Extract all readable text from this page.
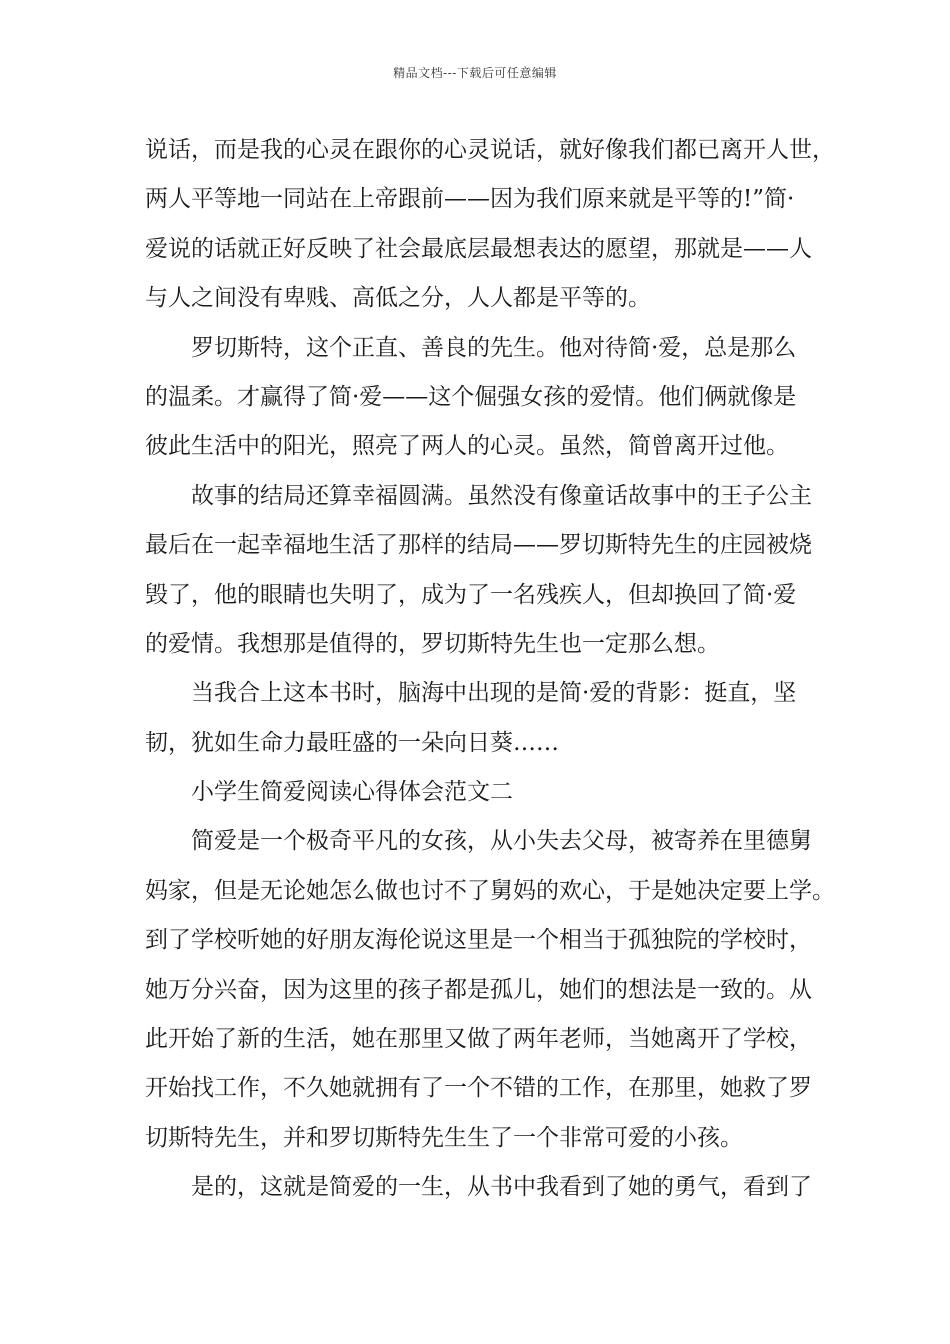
精品文档---下载后可任意编辑
说话，而是我的心灵在跟你的心灵说话，就好像我们都已离开人世，
两人平等地一同站在上帝跟前——因为我们原来就是平等的!”简·
爱说的话就正好反映了社会最底层最想表达的愿望，那就是——人
与人之间没有卑贱、高低之分，人人都是平等的。
罗切斯特，这个正直、善良的先生。他对待简·爱，总是那么
的温柔。才赢得了简·爱——这个倔强女孩的爱情。他们俩就像是
彼此生活中的阳光，照亮了两人的心灵。虽然，简曾离开过他。
故事的结局还算幸福圆满。虽然没有像童话故事中的王子公主
最后在一起幸福地生活了那样的结局——罗切斯特先生的庄园被烧
毁了，他的眼睛也失明了，成为了一名残疾人，但却换回了简·爱
的爱情。我想那是值得的，罗切斯特先生也一定那么想。
当我合上这本书时，脑海中出现的是简·爱的背影：挺直，坚
韧，犹如生命力最旺盛的一朵向日葵……
小学生简爱阅读心得体会范文二
简爱是一个极奇平凡的女孩，从小失去父母，被寄养在里德舅
妈家，但是无论她怎么做也讨不了舅妈的欢心，于是她决定要上学。
到了学校听她的好朋友海伦说这里是一个相当于孤独院的学校时，
她万分兴奋，因为这里的孩子都是孤儿，她们的想法是一致的。从
此开始了新的生活，她在那里又做了两年老师，当她离开了学校，
开始找工作，不久她就拥有了一个不错的工作，在那里，她救了罗
切斯特先生，并和罗切斯特先生生了一个非常可爱的小孩。
是的，这就是简爱的一生，从书中我看到了她的勇气，看到了
